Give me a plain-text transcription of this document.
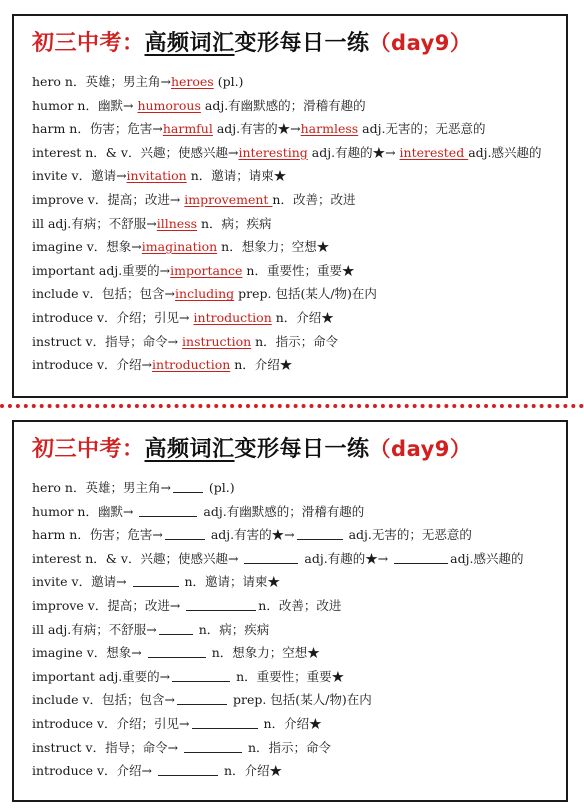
初三中考：高频词汇变形每日一练（day9）
hero n．英雄；男主角→heroes (pl.)
humor n．幽默→ humorous adj.有幽默感的；滑稽有趣的
harm n．伤害；危害→harmful adj.有害的★→harmless adj.无害的；无恶意的
interest n．& v．兴趣；使感兴趣→interesting adj.有趣的★→ interested adj.感兴趣的
invite v．邀请→invitation n．邀请；请柬★
improve v．提高；改进→ improvement n．改善；改进
ill adj.有病；不舒服→illness n．病；疾病
imagine v．想象→imagination n．想象力；空想★
important adj.重要的→importance n．重要性；重要★
include v．包括；包含→including prep. 包括(某人/物)在内
introduce v．介绍；引见→ introduction n．介绍★
instruct v．指导；命令→ instruction n．指示；命令
introduce v．介绍→introduction n．介绍★
初三中考：高频词汇变形每日一练（day9）
hero n．英雄；男主角→	(pl.)
humor n．幽默→	adj.有幽默感的；滑稽有趣的
harm n．伤害；危害→	adj.有害的★→	adj.无害的；无恶意的
interest n．& v．兴趣；使感兴趣→	adj.有趣的★→	adj.感兴趣的
invite v．邀请→	n．邀请；请柬★
improve v．提高；改进→	n．改善；改进
ill adj.有病；不舒服→	n．病；疾病
imagine v．想象→	n．想象力；空想★
important adj.重要的→	n．重要性；重要★
include v．包括；包含→	prep. 包括(某人/物)在内
introduce v．介绍；引见→	n．介绍★
instruct v．指导；命令→	n．指示；命令
introduce v．介绍→	n．介绍★
